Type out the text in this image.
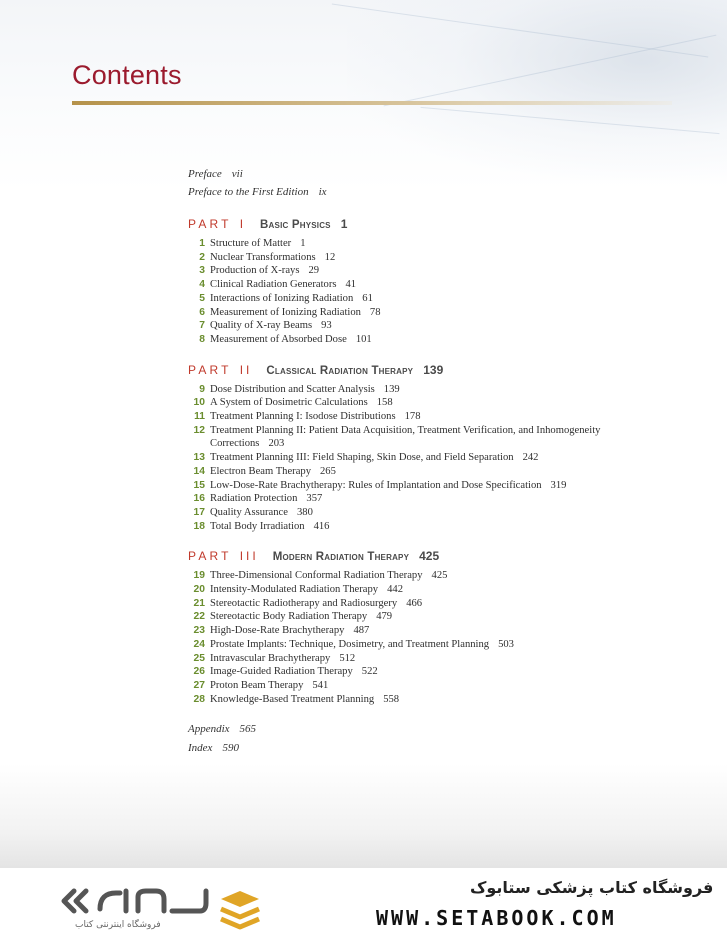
Contents
Preface vii
Preface to the First Edition ix
PART I Basic Physics 1
1 Structure of Matter 1
2 Nuclear Transformations 12
3 Production of X-rays 29
4 Clinical Radiation Generators 41
5 Interactions of Ionizing Radiation 61
6 Measurement of Ionizing Radiation 78
7 Quality of X-ray Beams 93
8 Measurement of Absorbed Dose 101
PART II Classical Radiation Therapy 139
9 Dose Distribution and Scatter Analysis 139
10 A System of Dosimetric Calculations 158
11 Treatment Planning I: Isodose Distributions 178
12 Treatment Planning II: Patient Data Acquisition, Treatment Verification, and Inhomogeneity Corrections 203
13 Treatment Planning III: Field Shaping, Skin Dose, and Field Separation 242
14 Electron Beam Therapy 265
15 Low-Dose-Rate Brachytherapy: Rules of Implantation and Dose Specification 319
16 Radiation Protection 357
17 Quality Assurance 380
18 Total Body Irradiation 416
PART III Modern Radiation Therapy 425
19 Three-Dimensional Conformal Radiation Therapy 425
20 Intensity-Modulated Radiation Therapy 442
21 Stereotactic Radiotherapy and Radiosurgery 466
22 Stereotactic Body Radiation Therapy 479
23 High-Dose-Rate Brachytherapy 487
24 Prostate Implants: Technique, Dosimetry, and Treatment Planning 503
25 Intravascular Brachytherapy 512
26 Image-Guided Radiation Therapy 522
27 Proton Beam Therapy 541
28 Knowledge-Based Treatment Planning 558
Appendix 565
Index 590
فروشگاه اینترنتی کتاب
فروشگاه کتاب پزشکی ستابوک
WWW.SETABOOK.COM
